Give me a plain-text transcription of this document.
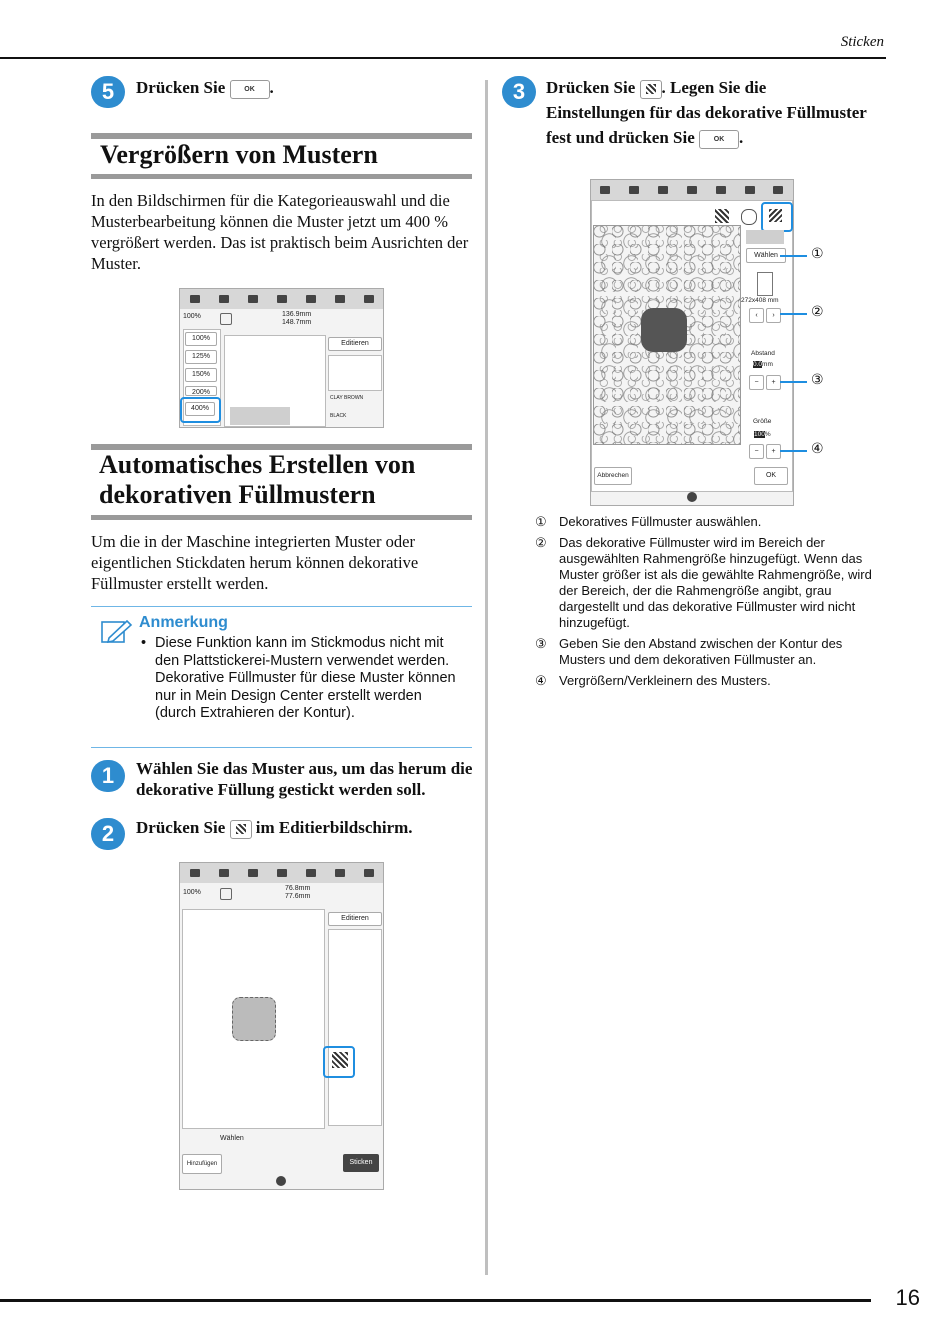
Sticken
5	Drücken Sie	OK .
Vergrößern von Mustern
In den Bildschirmen für die Kategorieauswahl und die Musterbearbeitung können die Muster jetzt um 400 % vergrößert werden. Das ist praktisch beim Ausrichten der Muster.
100%	136.9mm
148.7mm
100%
125%
150%
200%
400%
Editieren
CLAY BROWN
BLACK
Automatisches Erstellen von
dekorativen Füllmustern
Um die in der Maschine integrierten Muster oder eigentlichen Stickdaten herum können dekorative Füllmuster erstellt werden.
Anmerkung
• Diese Funktion kann im Stickmodus nicht mit den Plattstickerei-Mustern verwendet werden. Dekorative Füllmuster für diese Muster können nur in Mein Design Center erstellt werden (durch Extrahieren der Kontur).
1	Wählen Sie das Muster aus, um das herum die dekorative Füllung gestickt werden soll.
2	Drücken Sie im Editierbildschirm.
100%
76.8mm
77.6mm
Editieren
Wählen
Hinzufügen	Sticken
3	Drücken Sie . Legen Sie die
Einstellungen für das dekorative Füllmuster
fest und drücken Sie	OK .
Wählen
272x408 mm
‹	›
Abstand
0.0mm
−	+
Größe
100%
−	+
Abbrechen	OK
①
②
③
④
① Dekoratives Füllmuster auswählen.
② Das dekorative Füllmuster wird im Bereich der ausgewählten Rahmengröße hinzugefügt. Wenn das Muster größer ist als die gewählte Rahmengröße, wird der Bereich, der die Rahmengröße angibt, grau dargestellt und das dekorative Füllmuster wird nicht hinzugefügt.
③ Geben Sie den Abstand zwischen der Kontur des Musters und dem dekorativen Füllmuster an.
④ Vergrößern/Verkleinern des Musters.
16
